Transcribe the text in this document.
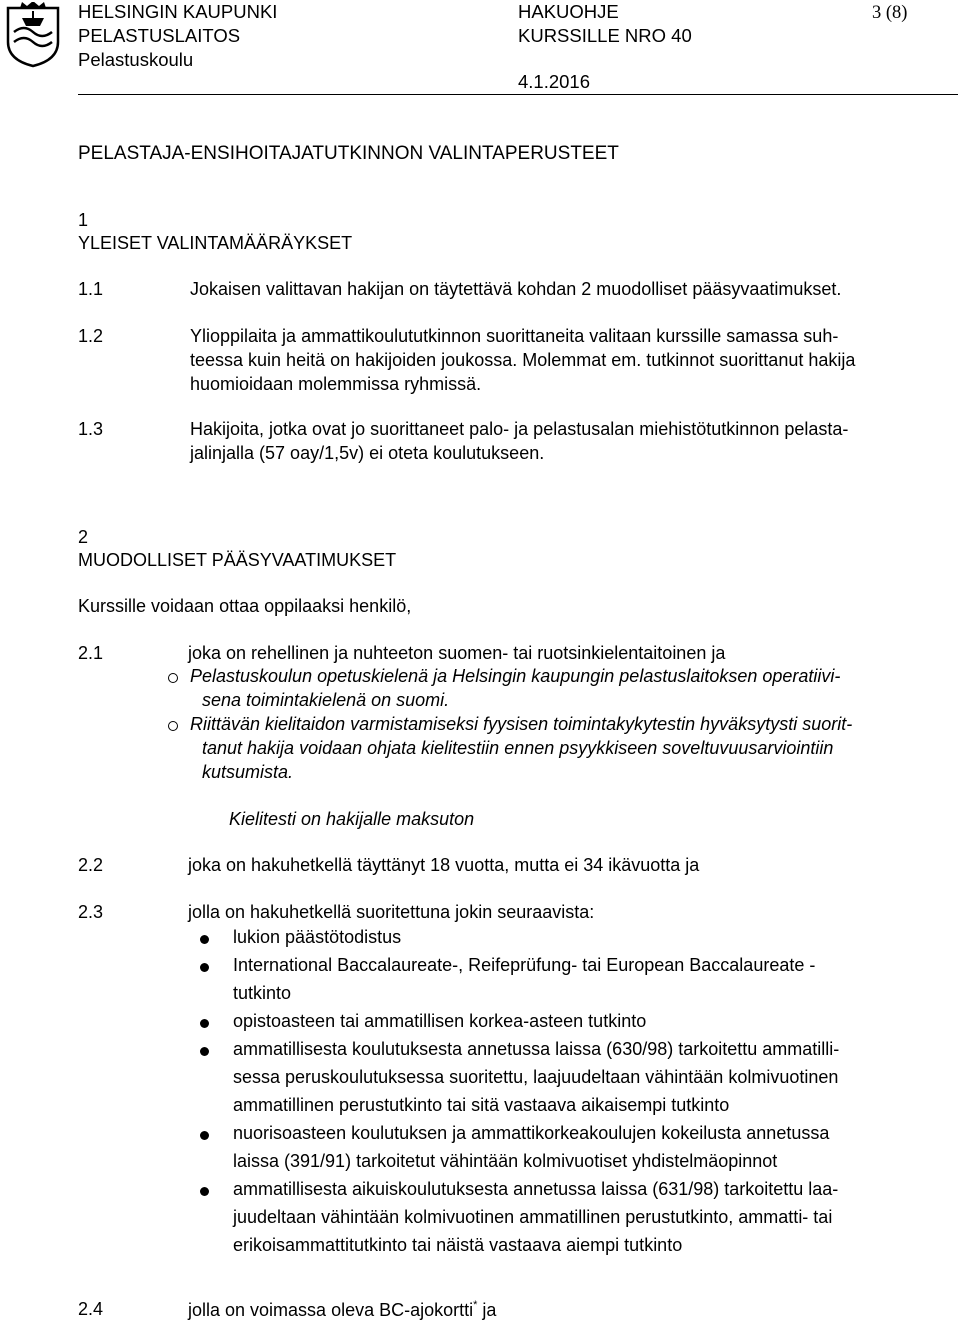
HELSINGIN KAUPUNKI
PELASTUSLAITOS
Pelastuskoulu
HAKUOHJE
KURSSILLE NRO 40
4.1.2016
3 (8)
PELASTAJA-ENSIHOITAJATUTKINNON VALINTAPERUSTEET
1
YLEISET VALINTAMÄÄRÄYKSET
1.1	Jokaisen valittavan hakijan on täytettävä kohdan 2 muodolliset pääsyvaatimukset.
1.2	Ylioppilaita ja ammattikoulututkinnon suorittaneita valitaan kurssille samassa suh-
teessa kuin heitä on hakijoiden joukossa. Molemmat em. tutkinnot suorittanut hakija
huomioidaan molemmissa ryhmissä.
1.3	Hakijoita, jotka ovat jo suorittaneet palo- ja pelastusalan miehistötutkinnon pelasta-
jalinjalla (57 oay/1,5v) ei oteta koulutukseen.
2
MUODOLLISET PÄÄSYVAATIMUKSET
Kurssille voidaan ottaa oppilaaksi henkilö,
2.1	joka on rehellinen ja nuhteeton suomen- tai ruotsinkielentaitoinen ja
Pelastuskoulun opetuskielenä ja Helsingin kaupungin pelastuslaitoksen operatiivi-
sena toimintakielenä on suomi.
Riittävän kielitaidon varmistamiseksi fyysisen toimintakykytestin hyväksytysti suorit-
tanut hakija voidaan ohjata kielitestiin ennen psyykkiseen soveltuvuusarviointiin
kutsumista.
Kielitesti on hakijalle maksuton
2.2	joka on hakuhetkellä täyttänyt 18 vuotta, mutta ei 34 ikävuotta ja
2.3	jolla on hakuhetkellä suoritettuna jokin seuraavista:
lukion päästötodistus
International Baccalaureate-, Reifeprüfung- tai European Baccalaureate -
tutkinto
opistoasteen tai ammatillisen korkea-asteen tutkinto
ammatillisesta koulutuksesta annetussa laissa (630/98) tarkoitettu ammatilli-
sessa peruskoulutuksessa suoritettu, laajuudeltaan vähintään kolmivuotinen
ammatillinen perustutkinto tai sitä vastaava aikaisempi tutkinto
nuorisoasteen koulutuksen ja ammattikorkeakoulujen kokeilusta annetussa
laissa (391/91) tarkoitetut vähintään kolmivuotiset yhdistelmäopinnot
ammatillisesta aikuiskoulutuksesta annetussa laissa (631/98) tarkoitettu laa-
juudeltaan vähintään kolmivuotinen ammatillinen perustutkinto, ammatti- tai
erikoisammattitutkinto tai näistä vastaava aiempi tutkinto
2.4	jolla on voimassa oleva BC-ajokortti* ja
